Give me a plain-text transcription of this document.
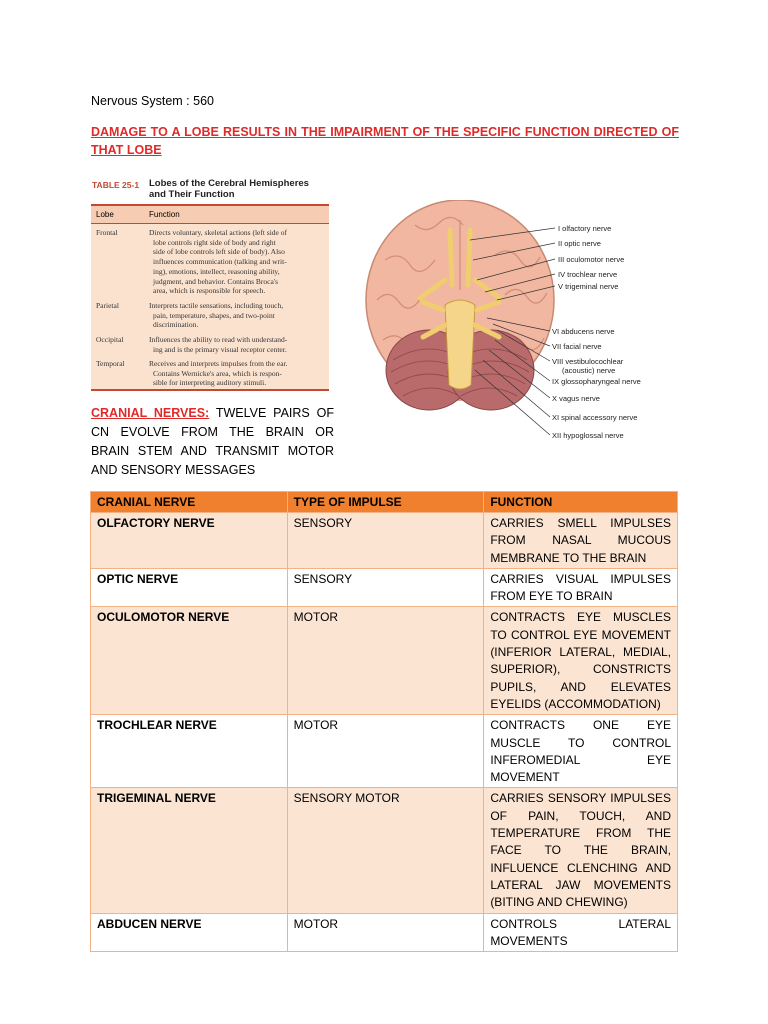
Nervous System : 560
DAMAGE TO A LOBE RESULTS IN THE IMPAIRMENT OF THE SPECIFIC FUNCTION DIRECTED OF THAT LOBE
TABLE 25-1 Lobes of the Cerebral Hemispheres and Their Function
Lobe	Function
Frontal	Directs voluntary, skeletal actions (left side of
lobe controls right side of body and right
side of lobe controls left side of body). Also
influences communication (talking and writ-
ing), emotions, intellect, reasoning ability,
judgment, and behavior. Contains Broca's
area, which is responsible for speech.
Parietal	Interprets tactile sensations, including touch,
pain, temperature, shapes, and two-point
discrimination.
Occipital	Influences the ability to read with understand-
ing and is the primary visual receptor center.
Temporal	Receives and interprets impulses from the ear.
Contains Wernicke's area, which is respon-
sible for interpreting auditory stimuli.
I olfactory nerve
II optic nerve
III oculomotor nerve
IV trochlear nerve
V trigeminal nerve
VI abducens nerve
VII facial nerve
VIII vestibulocochlear
(acoustic) nerve
IX glossopharyngeal nerve
X vagus nerve
XI spinal accessory nerve
XII hypoglossal nerve
CRANIAL NERVES: TWELVE PAIRS OF CN EVOLVE FROM THE BRAIN OR BRAIN STEM AND TRANSMIT MOTOR AND SENSORY MESSAGES
CRANIAL NERVE	TYPE OF IMPULSE	FUNCTION
OLFACTORY NERVE	SENSORY	CARRIES SMELL IMPULSES FROM NASAL MUCOUS MEMBRANE TO THE BRAIN
OPTIC NERVE	SENSORY	CARRIES VISUAL IMPULSES FROM EYE TO BRAIN
OCULOMOTOR NERVE	MOTOR	CONTRACTS EYE MUSCLES TO CONTROL EYE MOVEMENT (INFERIOR LATERAL, MEDIAL, SUPERIOR), CONSTRICTS PUPILS, AND ELEVATES EYELIDS (ACCOMMODATION)
TROCHLEAR NERVE	MOTOR	CONTRACTS ONE EYE MUSCLE TO CONTROL INFEROMEDIAL EYE MOVEMENT
TRIGEMINAL NERVE	SENSORY MOTOR	CARRIES SENSORY IMPULSES OF PAIN, TOUCH, AND TEMPERATURE FROM THE FACE TO THE BRAIN, INFLUENCE CLENCHING AND LATERAL JAW MOVEMENTS (BITING AND CHEWING)
ABDUCEN NERVE	MOTOR	CONTROLS LATERAL MOVEMENTS
